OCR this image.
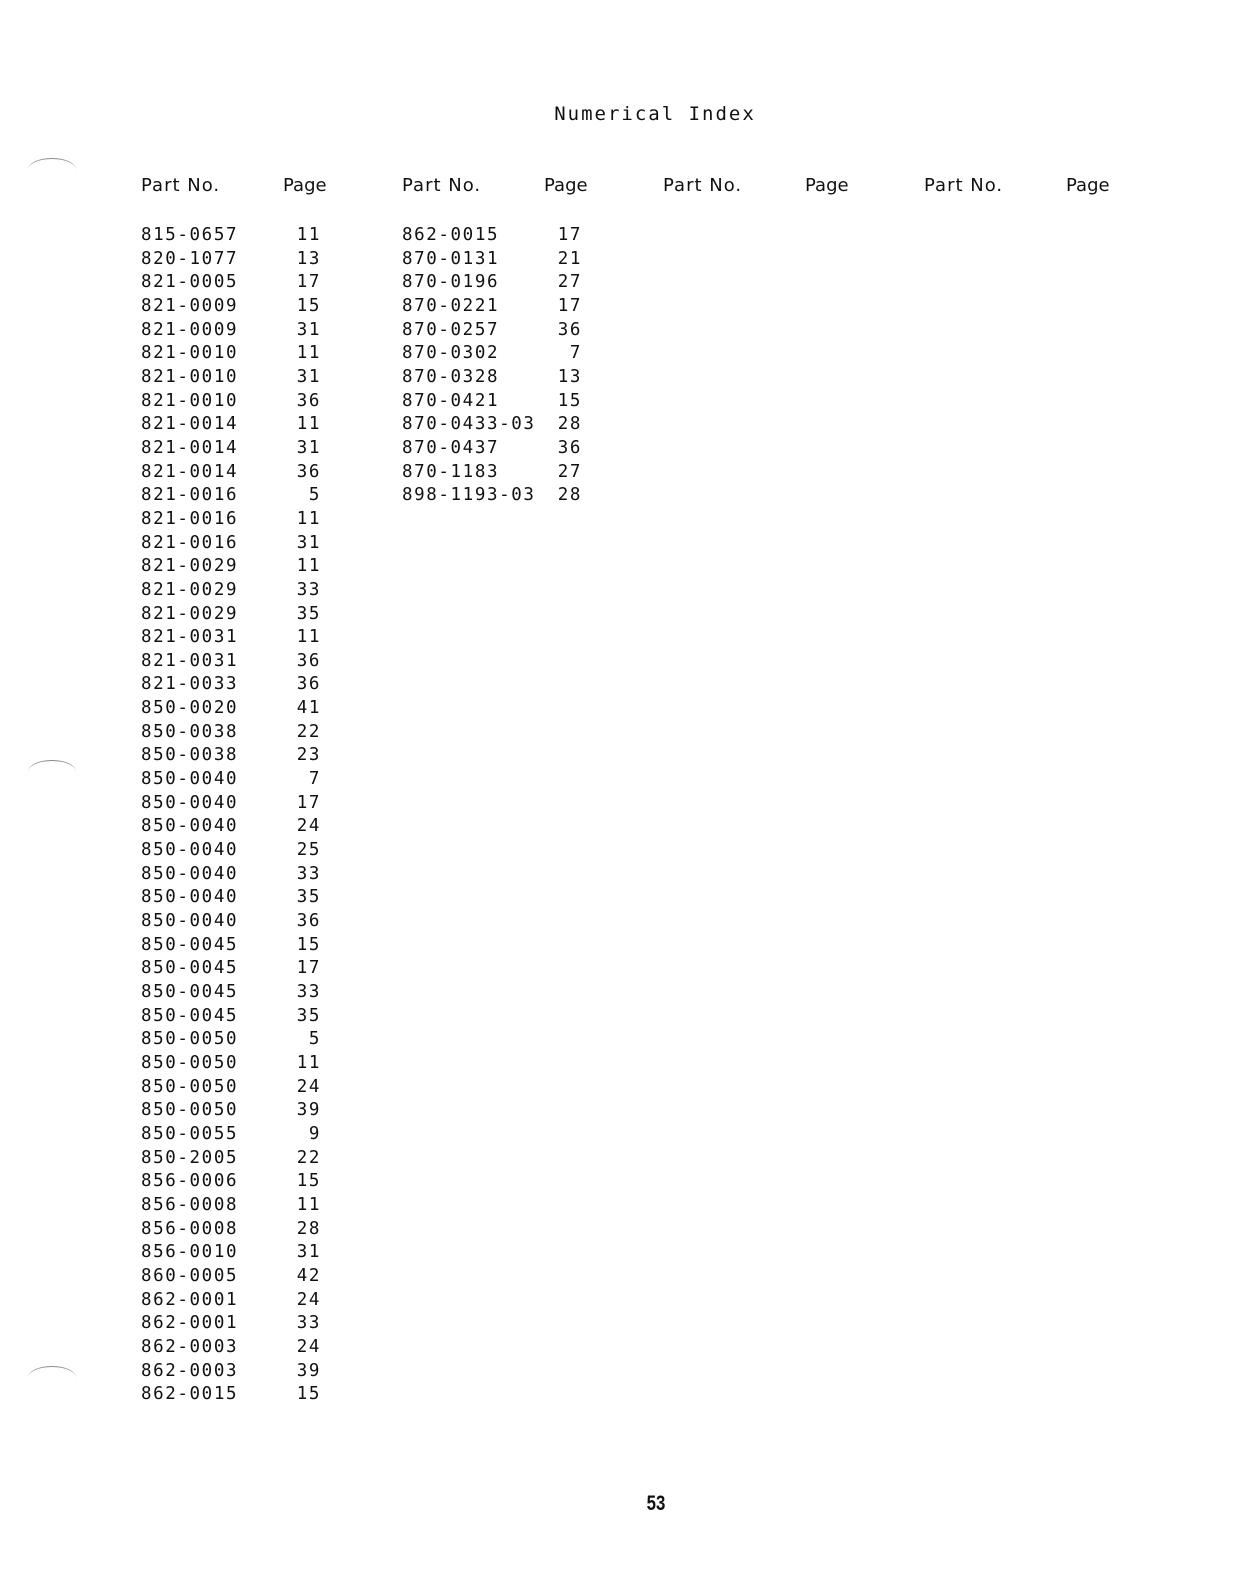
Numerical Index
Part No.	Page
815-0657	11
820-1077	13
821-0005	17
821-0009	15
821-0009	31
821-0010	11
821-0010	31
821-0010	36
821-0014	11
821-0014	31
821-0014	36
821-0016	5
821-0016	11
821-0016	31
821-0029	11
821-0029	33
821-0029	35
821-0031	11
821-0031	36
821-0033	36
850-0020	41
850-0038	22
850-0038	23
850-0040	7
850-0040	17
850-0040	24
850-0040	25
850-0040	33
850-0040	35
850-0040	36
850-0045	15
850-0045	17
850-0045	33
850-0045	35
850-0050	5
850-0050	11
850-0050	24
850-0050	39
850-0055	9
850-2005	22
856-0006	15
856-0008	11
856-0008	28
856-0010	31
860-0005	42
862-0001	24
862-0001	33
862-0003	24
862-0003	39
862-0015	15
Part No.	Page
862-0015	17
870-0131	21
870-0196	27
870-0221	17
870-0257	36
870-0302	7
870-0328	13
870-0421	15
870-0433-03	28
870-0437	36
870-1183	27
898-1193-03	28
Part No.	Page	Part No.	Page
53
